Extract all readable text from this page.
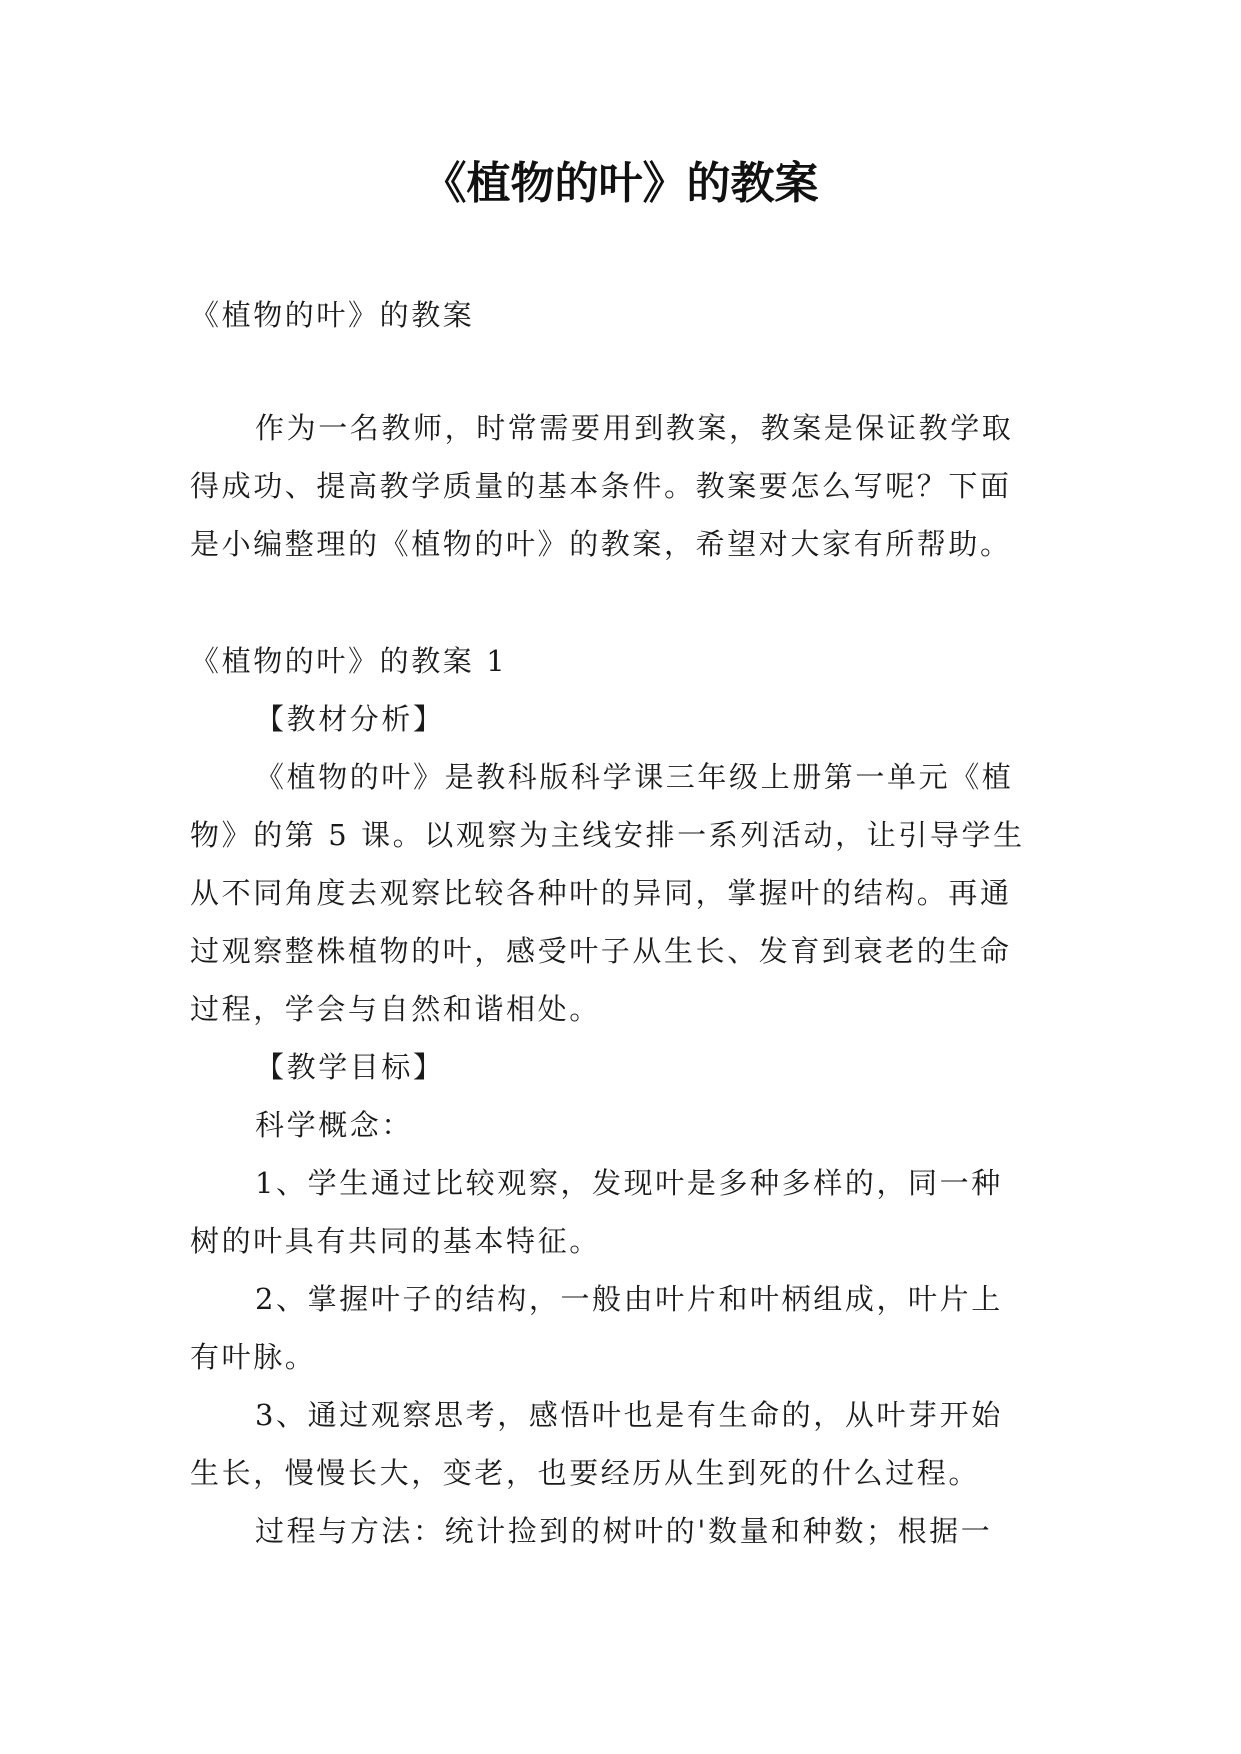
《植物的叶》的教案

《植物的叶》的教案

作为一名教师，时常需要用到教案，教案是保证教学取

得成功、提高教学质量的基本条件。教案要怎么写呢？下面

是小编整理的《植物的叶》的教案，希望对大家有所帮助。

《植物的叶》的教案 1

【教材分析】

《植物的叶》是教科版科学课三年级上册第一单元《植

物》的第 5 课。以观察为主线安排一系列活动，让引导学生

从不同角度去观察比较各种叶的异同，掌握叶的结构。再通

过观察整株植物的叶，感受叶子从生长、发育到衰老的生命

过程，学会与自然和谐相处。

【教学目标】

科学概念：

1、学生通过比较观察，发现叶是多种多样的，同一种

树的叶具有共同的基本特征。

2、掌握叶子的结构，一般由叶片和叶柄组成，叶片上

有叶脉。

3、通过观察思考，感悟叶也是有生命的，从叶芽开始

生长，慢慢长大，变老，也要经历从生到死的什么过程。

过程与方法：统计捡到的树叶的'数量和种数；根据一
